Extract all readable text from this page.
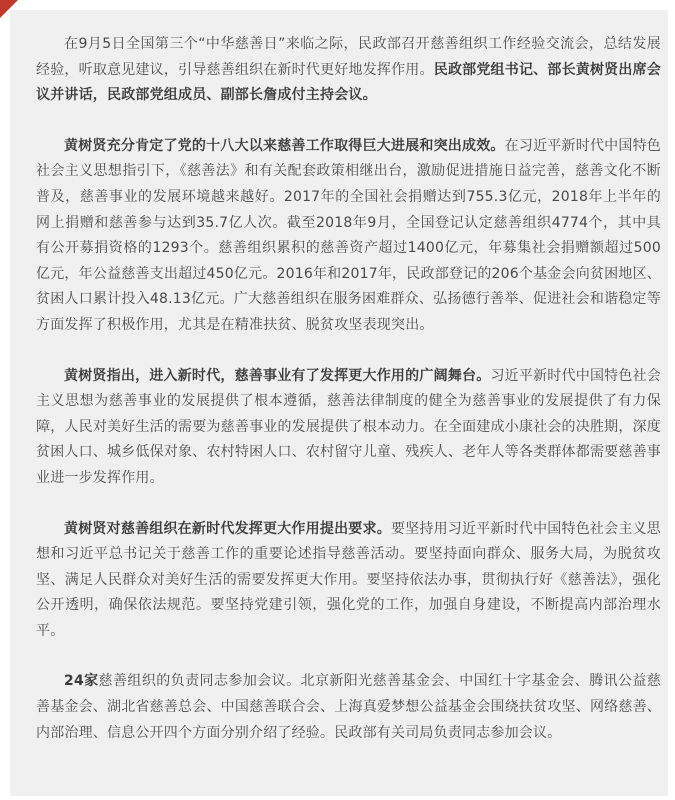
在9月5日全国第三个“中华慈善日”来临之际，民政部召开慈善组织工作经验交流会，总结发展经验，听取意见建议，引导慈善组织在新时代更好地发挥作用。民政部党组书记、部长黄树贤出席会议并讲话，民政部党组成员、副部长詹成付主持会议。

黄树贤充分肯定了党的十八大以来慈善工作取得巨大进展和突出成效。在习近平新时代中国特色社会主义思想指引下，《慈善法》和有关配套政策相继出台，激励促进措施日益完善，慈善文化不断普及，慈善事业的发展环境越来越好。2017年的全国社会捐赠达到755.3亿元，2018年上半年的网上捐赠和慈善参与达到35.7亿人次。截至2018年9月，全国登记认定慈善组织4774个，其中具有公开募捐资格的1293个。慈善组织累积的慈善资产超过1400亿元，年募集社会捐赠额超过500亿元，年公益慈善支出超过450亿元。2016年和2017年，民政部登记的206个基金会向贫困地区、贫困人口累计投入48.13亿元。广大慈善组织在服务困难群众、弘扬德行善举、促进社会和谐稳定等方面发挥了积极作用，尤其是在精准扶贫、脱贫攻坚表现突出。

黄树贤指出，进入新时代，慈善事业有了发挥更大作用的广阔舞台。习近平新时代中国特色社会主义思想为慈善事业的发展提供了根本遵循，慈善法律制度的健全为慈善事业的发展提供了有力保障，人民对美好生活的需要为慈善事业的发展提供了根本动力。在全面建成小康社会的决胜期，深度贫困人口、城乡低保对象、农村特困人口、农村留守儿童、残疾人、老年人等各类群体都需要慈善事业进一步发挥作用。

黄树贤对慈善组织在新时代发挥更大作用提出要求。要坚持用习近平新时代中国特色社会主义思想和习近平总书记关于慈善工作的重要论述指导慈善活动。要坚持面向群众、服务大局，为脱贫攻坚、满足人民群众对美好生活的需要发挥更大作用。要坚持依法办事，贯彻执行好《慈善法》，强化公开透明，确保依法规范。要坚持党建引领，强化党的工作，加强自身建设，不断提高内部治理水平。

24家慈善组织的负责同志参加会议。北京新阳光慈善基金会、中国红十字基金会、腾讯公益慈善基金会、湖北省慈善总会、中国慈善联合会、上海真爱梦想公益基金会围绕扶贫攻坚、网络慈善、内部治理、信息公开四个方面分别介绍了经验。民政部有关司局负责同志参加会议。
